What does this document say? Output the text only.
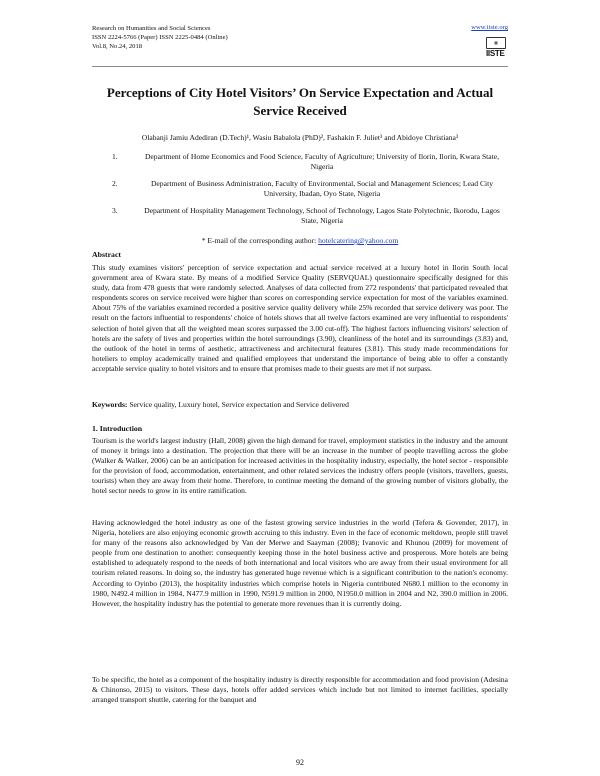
Research on Humanities and Social Sciences
ISSN 2224-5766 (Paper) ISSN 2225-0484 (Online)
Vol.8, No.24, 2018
www.iiste.org
▦
IISTE
Perceptions of City Hotel Visitors’ On Service Expectation and Actual Service Received
Olabanji Jamiu Adediran (D.Tech)¹, Wasiu Babalola (PhD)², Fashakin F. Juliet³ and Abidoye Christiana³
1.	Department of Home Economics and Food Science, Faculty of Agriculture; University of Ilorin, Ilorin, Kwara State, Nigeria
2.	Department of Business Administration, Faculty of Environmental, Social and Management Sciences; Lead City University, Ibadan, Oyo State, Nigeria
3.	Department of Hospitality Management Technology, School of Technology, Lagos State Polytechnic, Ikorodu, Lagos State, Nigeria
* E-mail of the corresponding author: hotelcatering@yahoo.com
Abstract
This study examines visitors' perception of service expectation and actual service received at a luxury hotel in Ilorin South local government area of Kwara state. By means of a modified Service Quality (SERVQUAL) questionnaire specifically designed for this study, data from 478 guests that were randomly selected. Analyses of data collected from 272 respondents' that participated revealed that respondents scores on service received were higher than scores on corresponding service expectation for most of the variables examined. About 75% of the variables examined recorded a positive service quality delivery while 25% recorded that service delivery was poor. The result on the factors influential to respondents' choice of hotels shows that all twelve factors examined are very influential to respondents' selection of hotel given that all the weighted mean scores surpassed the 3.00 cut-off). The highest factors influencing visitors' selection of hotels are the safety of lives and properties within the hotel surroundings (3.90), cleanliness of the hotel and its surroundings (3.83) and, the outlook of the hotel in terms of aesthetic, attractiveness and architectural features (3.81). This study made recommendations for hoteliers to employ academically trained and qualified employees that understand the importance of being able to offer a constantly acceptable service quality to hotel visitors and to ensure that promises made to their guests are met if not surpass.
Keywords: Service quality, Luxury hotel, Service expectation and Service delivered
1. Introduction
Tourism is the world's largest industry (Hall, 2008) given the high demand for travel, employment statistics in the industry and the amount of money it brings into a destination. The projection that there will be an increase in the number of people travelling across the globe (Walker & Walker, 2006) can be an anticipation for increased activities in the hospitality industry, especially, the hotel sector - responsible for the provision of food, accommodation, entertainment, and other related services the industry offers people (visitors, travellers, guests, tourists) when they are away from their home. Therefore, to continue meeting the demand of the growing number of visitors globally, the hotel sector needs to grow in its entire ramification.
Having acknowledged the hotel industry as one of the fastest growing service industries in the world (Tefera & Govender, 2017), in Nigeria, hoteliers are also enjoying economic growth accruing to this industry. Even in the face of economic meltdown, people still travel for many of the reasons also acknowledged by Van der Merwe and Saayman (2008); Ivanovic and Khunou (2009) for movement of people from one destination to another: consequently keeping those in the hotel business active and prosperous. More hotels are being established to adequately respond to the needs of both international and local visitors who are away from their usual environment for all tourism related reasons. In doing so, the industry has generated huge revenue which is a significant contribution to the nation's economy. According to Oyinbo (2013), the hospitality industries which comprise hotels in Nigeria contributed N680.1 million to the economy in 1980, N492.4 million in 1984, N477.9 million in 1990, N591.9 million in 2000, N1950.0 million in 2004 and N2, 390.0 million in 2006. However, the hospitality industry has the potential to generate more revenues than it is currently doing.
To be specific, the hotel as a component of the hospitality industry is directly responsible for accommodation and food provision (Adesina & Chinonso, 2015) to visitors. These days, hotels offer added services which include but not limited to internet facilities, specially arranged transport shuttle, catering for the banquet and
92
